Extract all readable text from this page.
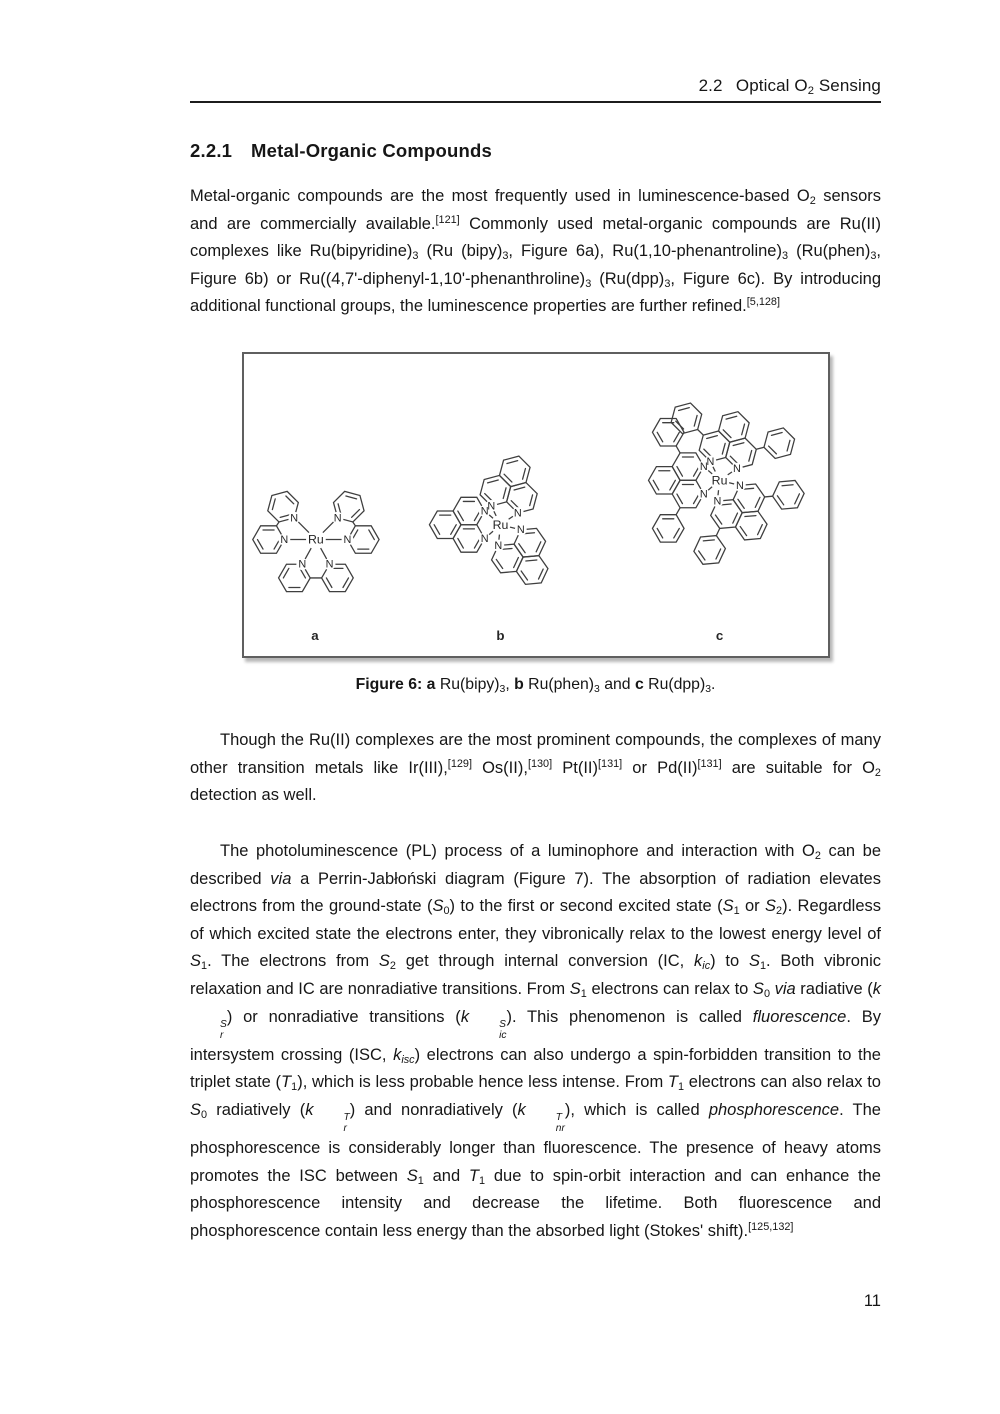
2.2  Optical $O_2$ Sensing
2.2.1  Metal-Organic Compounds
Metal-organic compounds are the most frequently used in luminescence-based $O_2$ sensors and are commercially available.[121] Commonly used metal-organic compounds are Ru(II) complexes like $Ru(bipyridine)_3$ (Ru $(bipy)_3$, Figure 6a), $Ru(1,10-phenantroline)_3$ ($Ru(phen)_3$, Figure 6b) or $Ru((4,7'-diphenyl-1,10'-phenanthroline)_3$ ($Ru(dpp)_3$, Figure 6c). By introducing additional functional groups, the luminescence properties are further refined.[5,128]
N	N
N	N
N N
Ru
N
N
N
N
N
N
Ru
N
N
N
N
N
N
Ru
a	b	c
Figure 6: a $Ru(bipy)_3$, b $Ru(phen)_3$ and c $Ru(dpp)_3$.
Though the Ru(II) complexes are the most prominent compounds, the complexes of many other transition metals like Ir(III),[129] Os(II),[130] Pt(II)[131] or Pd(II)[131] are suitable for $O_2$ detection as well.
The photoluminescence (PL) process of a luminophore and interaction with $O_2$ can be described via a Perrin-Jabłoński diagram (Figure 7). The absorption of radiation elevates electrons from the ground-state $(S_0)$ to the first or second excited state ($S_1$ or $S_2$). Regardless of which excited state the electrons enter, they vibronically relax to the lowest energy level of $S_1$. The electrons from $S_2$ get through internal conversion (IC, $k_{ic}$) to $S_1$. Both vibronic relaxation and IC are nonradiative transitions. From $S_1$ electrons can relax to $S_0$ via radiative (k
S
r
) or nonradiative transitions (k	S
ic
). This phenomenon is called fluorescence. By intersystem crossing (ISC, $k_{isc}$) electrons can also undergo a spin-forbidden transition to the triplet state $(T_1)$, which is less probable hence less intense. From $T_1$ electrons can also relax to $S_0$ radiatively (k	T
r
) and nonradiatively (k	T
nr
), which is called phosphorescence. The phosphorescence is considerably longer than fluorescence. The presence of heavy atoms promotes the ISC between $S_1$ and $T_1$ due to spin-orbit interaction and can enhance the phosphorescence intensity and decrease the lifetime. Both fluorescence and phosphorescence contain less energy than the absorbed light (Stokes' shift).[125,132]
11
